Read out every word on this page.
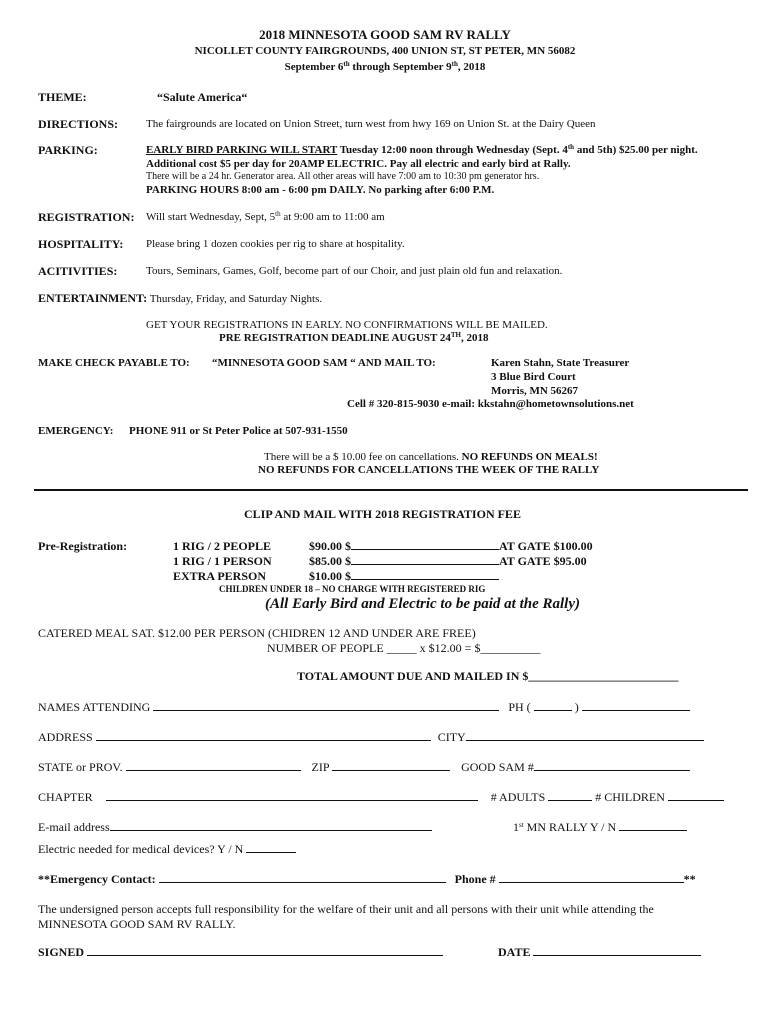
2018 MINNESOTA GOOD SAM RV RALLY
NICOLLET COUNTY FAIRGROUNDS, 400 UNION ST, ST PETER, MN 56082
September 6th through September 9th, 2018
THEME:	“Salute America“
DIRECTIONS:	The fairgrounds are located on Union Street, turn west from hwy 169 on Union St. at the Dairy Queen
PARKING:	EARLY BIRD PARKING WILL START Tuesday 12:00 noon through Wednesday (Sept. 4th and 5th) $25.00 per night.
Additional cost $5 per day for 20AMP ELECTRIC. Pay all electric and early bird at Rally.
There will be a 24 hr. Generator area. All other areas will have 7:00 am to 10:30 pm generator hrs.
PARKING HOURS 8:00 am - 6:00 pm DAILY. No parking after 6:00 P.M.
REGISTRATION: Will start Wednesday, Sept, 5th at 9:00 am to 11:00 am
HOSPITALITY: Please bring 1 dozen cookies per rig to share at hospitality.
ACITIVITIES:	Tours, Seminars, Games, Golf, become part of our Choir, and just plain old fun and relaxation.
ENTERTAINMENT: Thursday, Friday, and Saturday Nights.
GET YOUR REGISTRATIONS IN EARLY. NO CONFIRMATIONS WILL BE MAILED.
PRE REGISTRATION DEADLINE AUGUST 24TH, 2018
MAKE CHECK PAYABLE TO: “MINNESOTA GOOD SAM “ AND MAIL TO:	Karen Stahn, State Treasurer
3 Blue Bird Court
Morris, MN 56267
Cell # 320-815-9030 e-mail: kkstahn@hometownsolutions.net
EMERGENCY: PHONE 911 or St Peter Police at 507-931-1550
There will be a $ 10.00 fee on cancellations. NO REFUNDS ON MEALS!
NO REFUNDS FOR CANCELLATIONS THE WEEK OF THE RALLY
CLIP AND MAIL WITH 2018 REGISTRATION FEE
Pre-Registration:	1 RIG / 2 PEOPLE	$90.00 $	AT GATE $100.00
1 RIG / 1 PERSON	$85.00 $	AT GATE $95.00
EXTRA PERSON	$10.00 $
CHILDREN UNDER 18 – NO CHARGE WITH REGISTERED RIG
(All Early Bird and Electric to be paid at the Rally)
CATERED MEAL SAT. $12.00 PER PERSON (CHIDREN 12 AND UNDER ARE FREE)
NUMBER OF PEOPLE _____ x $12.00 = $__________
TOTAL AMOUNT DUE AND MAILED IN $_________________________
NAMES ATTENDING	PH (	)
ADDRESS	CITY
STATE or PROV.	ZIP	GOOD SAM #
CHAPTER	# ADULTS	# CHILDREN
E-mail address	1st MN RALLY Y / N
Electric needed for medical devices? Y / N
**Emergency Contact:	Phone #	**
The undersigned person accepts full responsibility for the welfare of their unit and all persons with their unit while attending the
MINNESOTA GOOD SAM RV RALLY.
SIGNED	DATE
